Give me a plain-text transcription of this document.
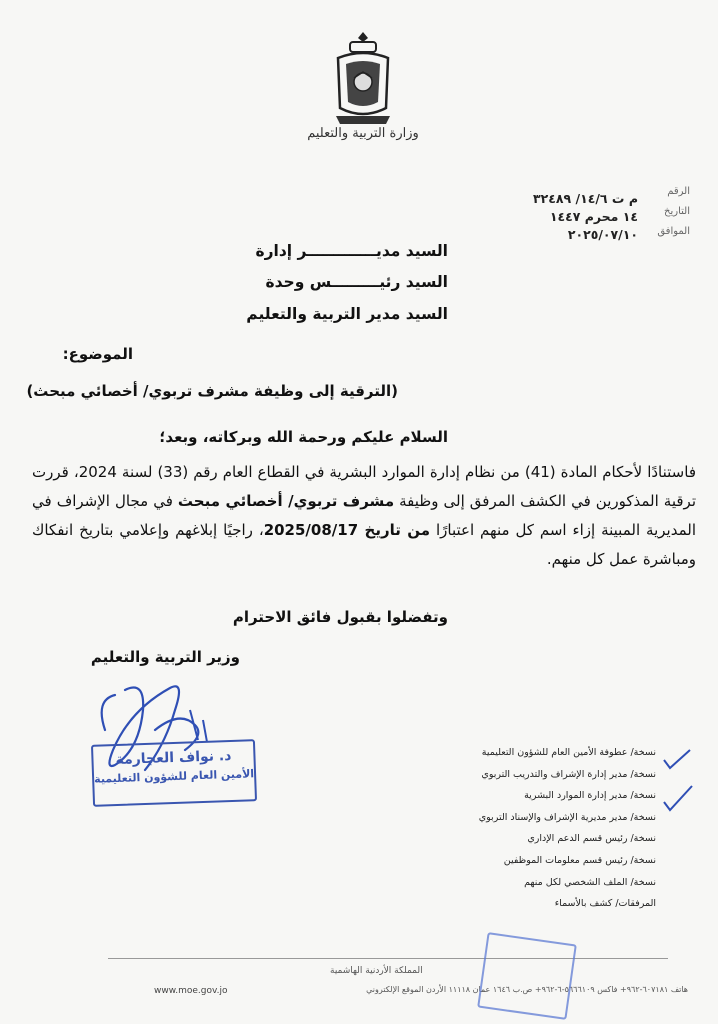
وزارة التربية والتعليم
الرقم
التاريخ
الموافق
م ت ١٤/٦/ ٣٢٤٨٩
١٤ محرم ١٤٤٧
٢٠٢٥/٠٧/١٠
السيد مديـــــــــــــر إدارة
السيد رئيـــــــــس وحدة
السيد مدير التربية والتعليم
الموضوع:
(الترقية إلى وظيفة مشرف تربوي/ أخصائي مبحث)
السلام عليكم ورحمة الله وبركاته، وبعد؛
فاستنادًا لأحكام المادة (41) من نظام إدارة الموارد البشرية في القطاع العام رقم (33) لسنة 2024، قررت ترقية المذكورين في الكشف المرفق إلى وظيفة مشرف تربوي/ أخصائي مبحث في مجال الإشراف في المديرية المبينة إزاء اسم كل منهم اعتبارًا من تاريخ 2025/08/17، راجيًا إبلاغهم وإعلامي بتاريخ انفكاك ومباشرة عمل كل منهم.
وتفضلوا بقبول فائق الاحترام
وزير التربية والتعليم
د. نواف العجارمة
الأمين العام للشؤون التعليمية
نسخة/ عطوفة الأمين العام للشؤون التعليمية
نسخة/ مدير إدارة الإشراف والتدريب التربوي
نسخة/ مدير إدارة الموارد البشرية
نسخة/ مدير مديرية الإشراف والإسناد التربوي
نسخة/ رئيس قسم الدعم الإداري
نسخة/ رئيس قسم معلومات الموظفين
نسخة/ الملف الشخصي لكل منهم
المرفقات/ كشف بالأسماء
المملكة الأردنية الهاشمية
هاتف ٦٠٧١٨١-٩٦٢+ فاكس ٥٦٦٦١٠٩-٦-٩٦٢+ ص.ب ١٦٤٦ عمان ١١١١٨ الأردن الموقع الإلكتروني
www.moe.gov.jo
